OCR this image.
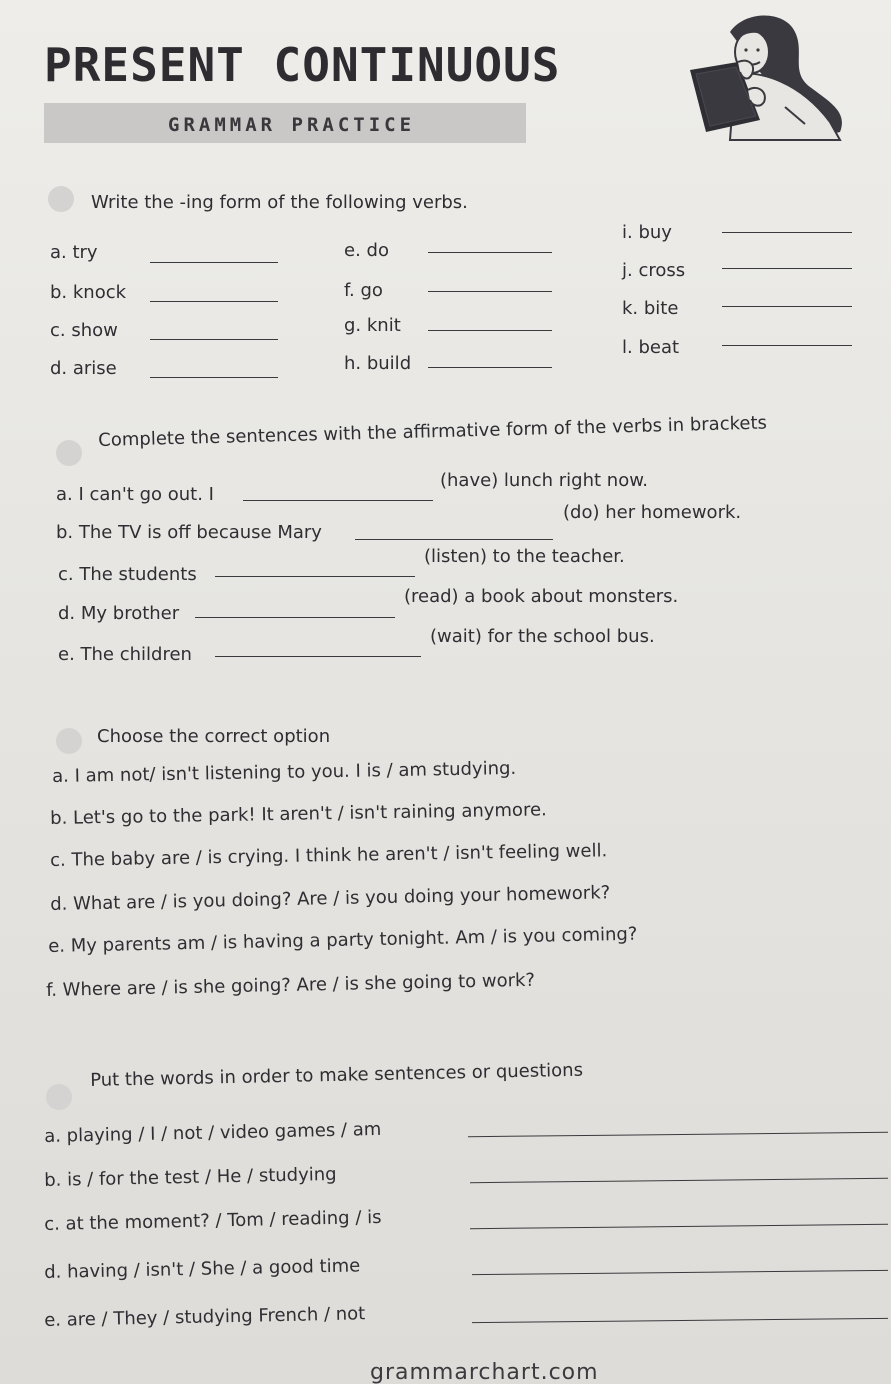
PRESENT CONTINUOUS
GRAMMAR PRACTICE
Write the -ing form of the following verbs.
a. try
b. knock
c. show
d. arise
e. do
f. go
g. knit
h. build
i. buy
j. cross
k. bite
l. beat
Complete the sentences with the affirmative form of the verbs in brackets
a. I can't go out. I
(have) lunch right now.
b. The TV is off because Mary
(do) her homework.
c. The students
(listen) to the teacher.
d. My brother
(read) a book about monsters.
e. The children
(wait) for the school bus.
Choose the correct option
a. I am not/ isn't listening to you. I is / am studying.
b. Let's go to the park! It aren't / isn't raining anymore.
c. The baby are / is crying. I think he aren't / isn't feeling well.
d. What are / is you doing? Are / is you doing your homework?
e. My parents am / is having a party tonight. Am / is you coming?
f. Where are / is she going? Are / is she going to work?
Put the words in order to make sentences or questions
a. playing / I / not / video games / am
b. is / for the test / He / studying
c. at the moment? / Tom / reading / is
d. having / isn't / She / a good time
e. are / They / studying French / not
grammarchart.com
